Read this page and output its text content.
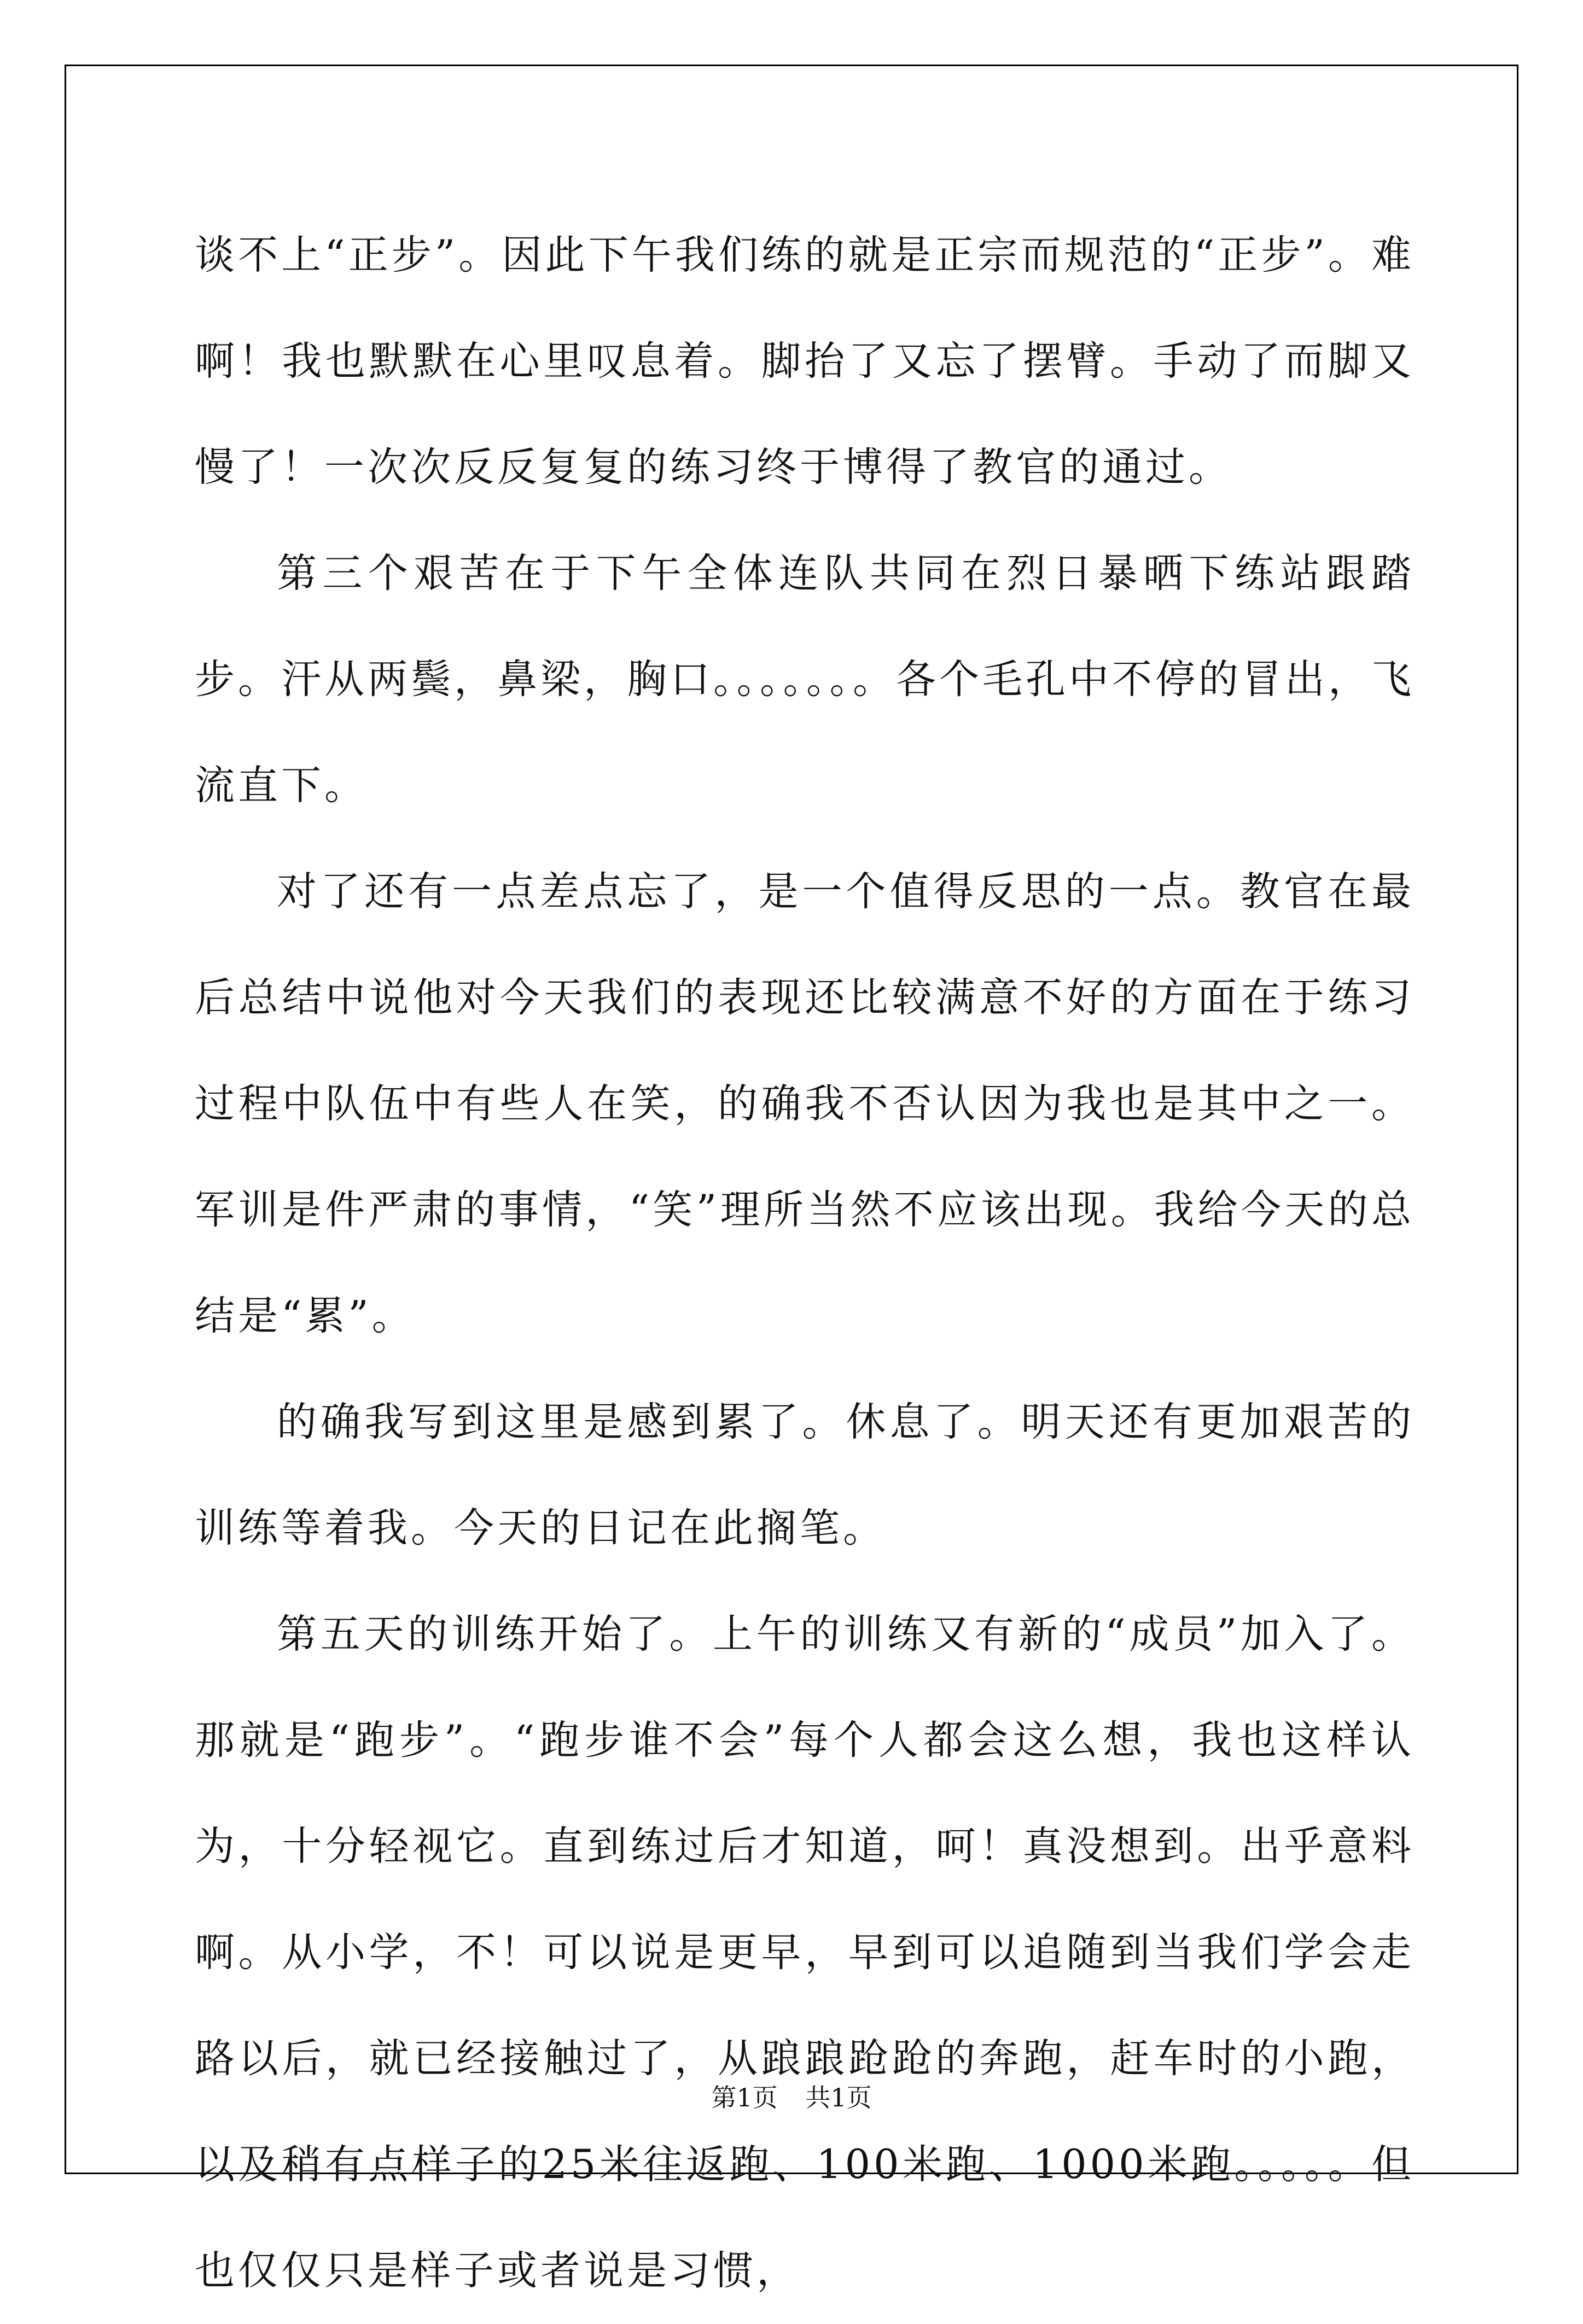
谈不上“正步”。因此下午我们练的就是正宗而规范的“正步”。难啊！我也默默在心里叹息着。脚抬了又忘了摆臂。手动了而脚又慢了！一次次反反复复的练习终于博得了教官的通过。

第三个艰苦在于下午全体连队共同在烈日暴晒下练站跟踏步。汗从两鬓，鼻梁，胸口。。。。。。。各个毛孔中不停的冒出，飞流直下。

对了还有一点差点忘了，是一个值得反思的一点。教官在最后总结中说他对今天我们的表现还比较满意不好的方面在于练习过程中队伍中有些人在笑，的确我不否认因为我也是其中之一。军训是件严肃的事情，“笑”理所当然不应该出现。我给今天的总结是“累”。

的确我写到这里是感到累了。休息了。明天还有更加艰苦的训练等着我。今天的日记在此搁笔。

第五天的训练开始了。上午的训练又有新的“成员”加入了。那就是“跑步”。“跑步谁不会”每个人都会这么想，我也这样认为，十分轻视它。直到练过后才知道，呵！真没想到。出乎意料啊。从小学，不！可以说是更早，早到可以追随到当我们学会走路以后，就已经接触过了，从踉踉跄跄的奔跑，赶车时的小跑，以及稍有点样子的25米往返跑、100米跑、1000米跑。。。。。但也仅仅只是样子或者说是习惯，

第1页 共1页
